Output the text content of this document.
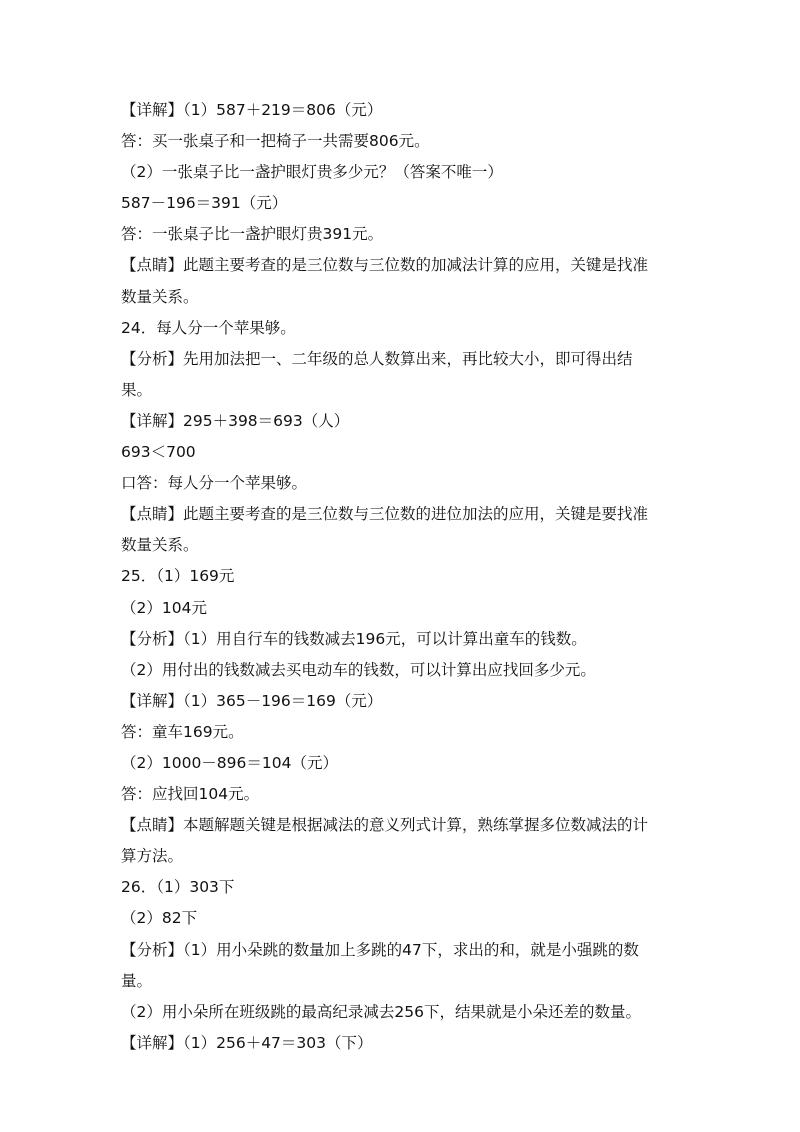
【详解】（1）587＋219＝806（元）
答：买一张桌子和一把椅子一共需要806元。
（2）一张桌子比一盏护眼灯贵多少元？（答案不唯一）
587－196＝391（元）
答：一张桌子比一盏护眼灯贵391元。
【点睛】此题主要考查的是三位数与三位数的加减法计算的应用，关键是找准
数量关系。
24．每人分一个苹果够。
【分析】先用加法把一、二年级的总人数算出来，再比较大小，即可得出结
果。
【详解】295＋398＝693（人）
693＜700
口答：每人分一个苹果够。
【点睛】此题主要考查的是三位数与三位数的进位加法的应用，关键是要找准
数量关系。
25．（1）169元
（2）104元
【分析】（1）用自行车的钱数减去196元，可以计算出童车的钱数。
（2）用付出的钱数减去买电动车的钱数，可以计算出应找回多少元。
【详解】（1）365－196＝169（元）
答：童车169元。
（2）1000－896＝104（元）
答：应找回104元。
【点睛】本题解题关键是根据减法的意义列式计算，熟练掌握多位数减法的计
算方法。
26．（1）303下
（2）82下
【分析】（1）用小朵跳的数量加上多跳的47下，求出的和，就是小强跳的数
量。
（2）用小朵所在班级跳的最高纪录减去256下，结果就是小朵还差的数量。
【详解】（1）256＋47＝303（下）
